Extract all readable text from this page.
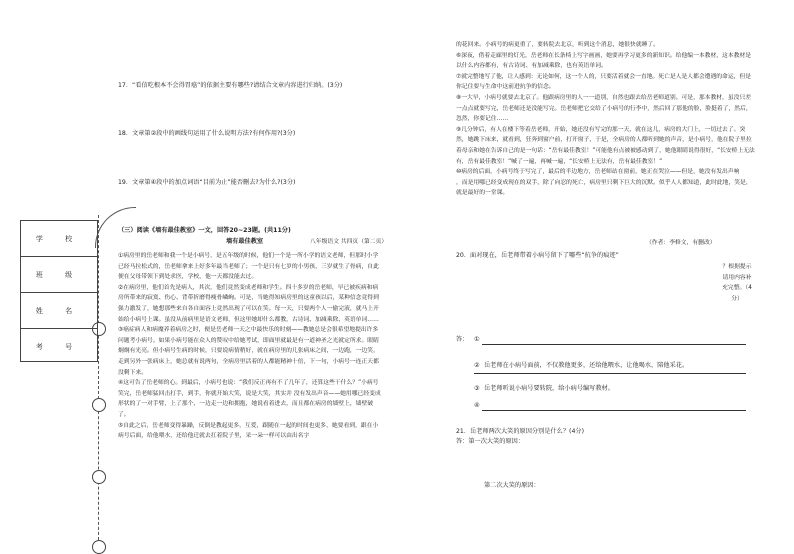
学 校
班 级
姓 名
考 号
17．“看信吃根本不会得胃癌”的依据主要有哪些?请结合文章内容进行归纳。(3分)
18．文章第②段中的画线句运用了什么说明方法?有何作用?(3分)
19．文章第④段中的加点词语“目前为止”能否删去?为什么?(3分)
（三）阅读《墙有最佳教室》一文，回答20~23题。(共11分)
墙有最佳教室	八年级语文 共四页（第二页）

①病房里的岳老师和我一个是小病号，是五年级的时候，他们一个是一所小学的语文老师，但那时小学已经马拉松式的，岳老师拿来上好多年最当老师了；一个是只有七岁的小男孩，三岁就生了骨病，自此便在父母带领下到处求医，学校，他一天都没能去过。

②在病房里，他们首先是病人，其次，他们竟然变成老师和学生。四十多岁的岳老师，早已被疾病和病房所带来的寂寞、伤心、背带折磨得瘦骨嶙峋。可是，当她得知病房里的这童孩以后，某种信念竟得到强力激发了，她想那些来自各自面容上竟然出现了可以在笑。每一天，只要两个人一偷完液，就马上开始给小病号上课。虽没从前病里是语文老师，但这里她却什么都教，古诗词、加减乘除、英语单词……

③癌症病人和病魔养着病房之时，便是岳老师一天之中最快乐的时刻——教她总是会很希望地提出许多问题考小病号。如果小病号能在众人的赞叹中给她考试，即面里就最是有一道神圣之光就定所求。眼睛炯炯有光亮。但小病号生病的时候，只要说病情稍好，就在病房里的几张病床之间，一边跑，一边笑，走到另外一张病床上，她总就有说两句，全病房里活着的人都能精神十倍，下一句，小病号一连正天都没剩下来。

④这可告了岳老师的心。到最后，小病号也说：“我们反正再有不了几年了，还算这些干什么？”小病号笑完，岳老师猛回击打手，到手，你就开始大笑，说是大笑，其实并 没有发出声音——她用哪已经变成形状的了一对手臂，上了那个，一边走一边和拥抱，她说看着进去，而且都在病房的墙壁上，墙壁破了。

⑤自此之后，岳老师变得暴躁，反倒是教起更多，互爱，跟随在一起的时间也更多，她要看到，跟在小病号后面，给他喂水，还给他迁就去扛着院子里，采一朵一样可以由出名字

的花回来。小病号的病更重了，要转院去北京，听到这个消息，她很快就睡了。

⑥深夜，借着走廊里的灯光，岳老师在长条椅上写字画画，她要再学习更多的新知识。给他编一本教材，这本教材是以什么内容都有，有古诗词、有加减乘除，也有英语单词。

⑦就完整地写了他，让人感到：无论如何，这一个人的，只要活着就会一直地。死亡是人是人都会遭遇的命运，但是你记住要与生命中这前进抗争的信念。

⑧一大早，小病号就要去北京了。他跟病房里的人一一道别，自然也跟去给岳老师道别。可是，那本教材，虽没只差一点点就要写完，岳老师还是没能写完。岳老师把它交给了小病号的行李中，然后回了那他的脸，脸挺着了，然后，忽然，你要记住……

⑨几分钟后，有人在楼下等着岳老师，开始，她还没有写完的那一天，就在这儿，病房的大门上，一切过去了。突然，她跳下床来，就看到，狂奔到窗户前，打开窗子，于是，全病房的人都听到她的声音，是小病号，他在院子里拉着母亲和她在告诉自己的是一句话：“岳有最佳教室！”可能他有点被被感动到了，她他眼睛说得很好，“长安桥上无法有，岳有最佳教室！”喊了一遍，再喊一遍，“长安桥上无法有，岳有最佳教室！”

⑩病房的后面，小病号终于写完了，最后的半边地方，岳老师站在窗前，她正在哭泣——但是，她没有发出声响

，而是用哪已经变成现在的双手，除了向忍的死亡，病房里只剩下巨大的沉默。似乎人人都知道，此时此地，笑是，就是最好的一堂课。

（作者：李修文，有删改）
20．面对现在，岳老师带着小病号留下了哪些“抗争的痕迹”
？根据提示请用内容补充完整。（4分）
答： ①
② 岳老师在小病号面前，不仅教他更多，还给他喂水，让他喝水，陪他采花。
③ 岳老师听说小病号要转院，给小病号编写教材。
④
21．岳老师两次大笑的原因分别是什么？(4分)
答：第一次大笑的原因：
第二次大笑的原因：
